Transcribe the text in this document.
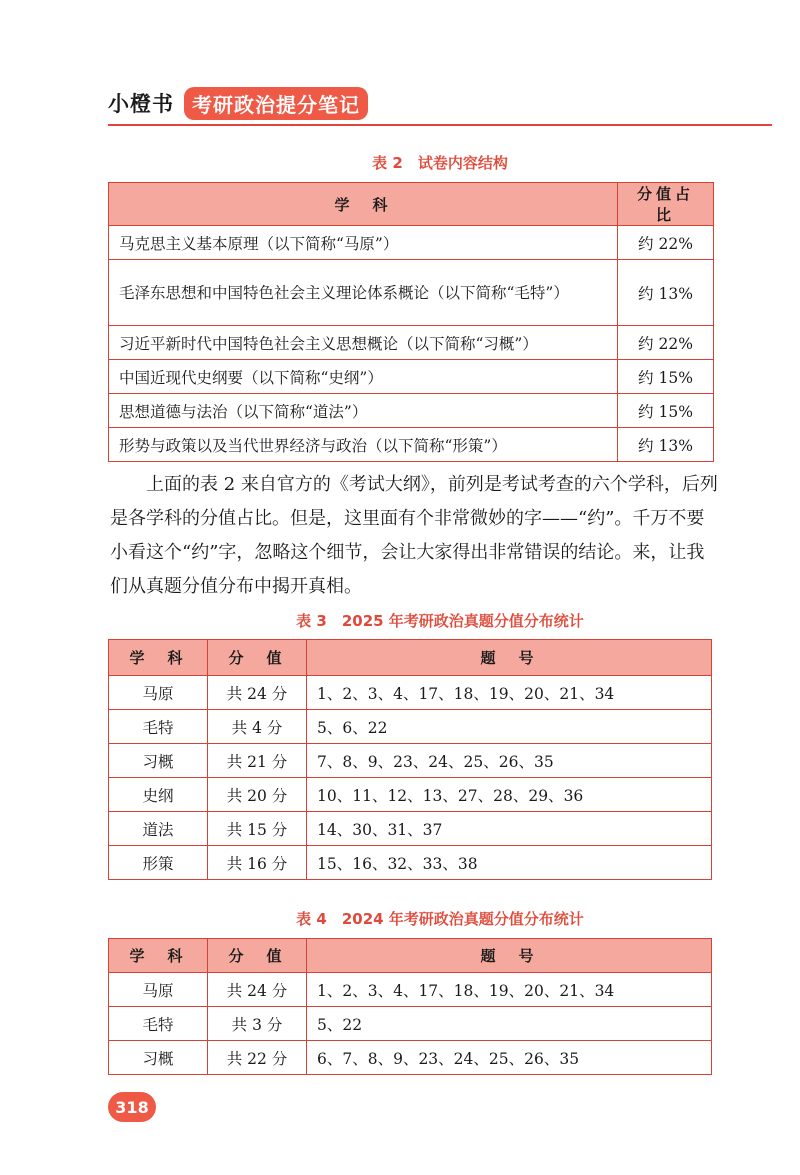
小橙书 考研政治提分笔记
表 2　试卷内容结构
学　科	分值占比
马克思主义基本原理（以下简称“马原”）	约 22%
毛泽东思想和中国特色社会主义理论体系概论（以下简称“毛特”）	约 13%
习近平新时代中国特色社会主义思想概论（以下简称“习概”）	约 22%
中国近现代史纲要（以下简称“史纲”）	约 15%
思想道德与法治（以下简称“道法”）	约 15%
形势与政策以及当代世界经济与政治（以下简称“形策”）	约 13%

上面的表 2 来自官方的《考试大纲》，前列是考试考查的六个学科，后列是各学科的分值占比。但是，这里面有个非常微妙的字——“约”。千万不要小看这个“约”字，忽略这个细节，会让大家得出非常错误的结论。来，让我们从真题分值分布中揭开真相。

表 3　2025 年考研政治真题分值分布统计
学　科	分　值	题　号
马原	共 24 分	1、2、3、4、17、18、19、20、21、34
毛特	共 4 分	5、6、22
习概	共 21 分	7、8、9、23、24、25、26、35
史纲	共 20 分	10、11、12、13、27、28、29、36
道法	共 15 分	14、30、31、37
形策	共 16 分	15、16、32、33、38
表 4　2024 年考研政治真题分值分布统计
学　科	分　值	题　号
马原	共 24 分	1、2、3、4、17、18、19、20、21、34
毛特	共 3 分	5、22
习概	共 22 分	6、7、8、9、23、24、25、26、35
318
